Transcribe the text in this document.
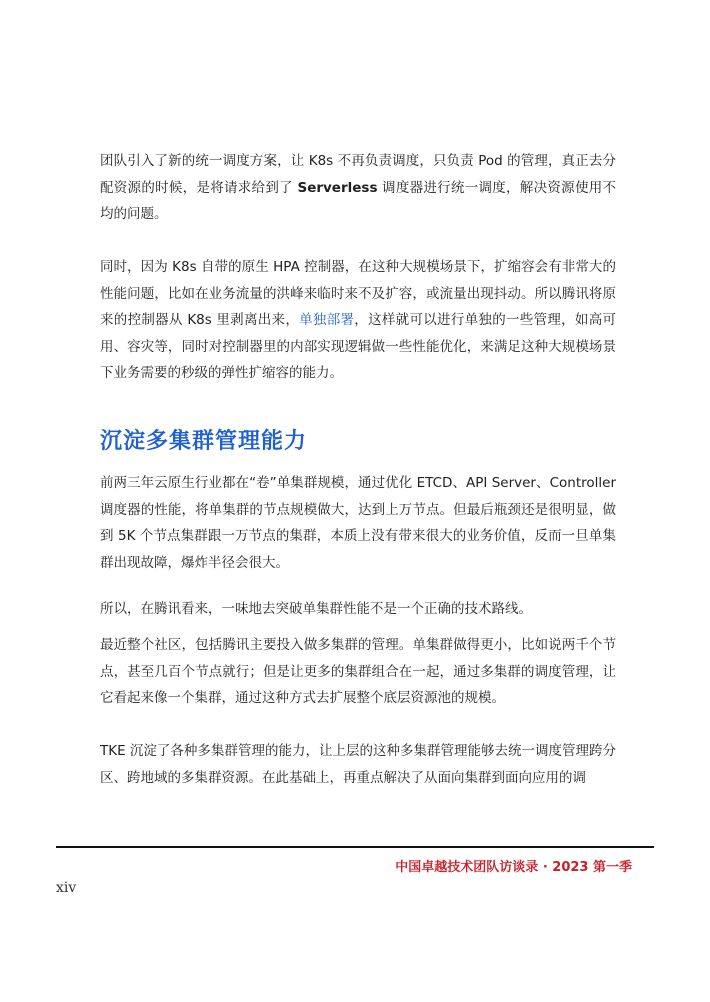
团队引入了新的统一调度方案，让 K8s 不再负责调度，只负责 Pod 的管理，真正去分配资源的时候，是将请求给到了 Serverless 调度器进行统一调度，解决资源使用不均的问题。

同时，因为 K8s 自带的原生 HPA 控制器，在这种大规模场景下，扩缩容会有非常大的性能问题，比如在业务流量的洪峰来临时来不及扩容，或流量出现抖动。所以腾讯将原来的控制器从 K8s 里剥离出来，单独部署，这样就可以进行单独的一些管理，如高可用、容灾等，同时对控制器里的内部实现逻辑做一些性能优化，来满足这种大规模场景下业务需要的秒级的弹性扩缩容的能力。

沉淀多集群管理能力

前两三年云原生行业都在“卷”单集群规模，通过优化 ETCD、API Server、Controller 调度器的性能，将单集群的节点规模做大，达到上万节点。但最后瓶颈还是很明显，做到 5K 个节点集群跟一万节点的集群，本质上没有带来很大的业务价值，反而一旦单集群出现故障，爆炸半径会很大。

所以，在腾讯看来，一味地去突破单集群性能不是一个正确的技术路线。

最近整个社区，包括腾讯主要投入做多集群的管理。单集群做得更小，比如说两千个节点，甚至几百个节点就行；但是让更多的集群组合在一起，通过多集群的调度管理，让它看起来像一个集群，通过这种方式去扩展整个底层资源池的规模。

TKE 沉淀了各种多集群管理的能力，让上层的这种多集群管理能够去统一调度管理跨分区、跨地域的多集群资源。在此基础上，再重点解决了从面向集群到面向应用的调

中国卓越技术团队访谈录 · 2023 第一季
xiv
